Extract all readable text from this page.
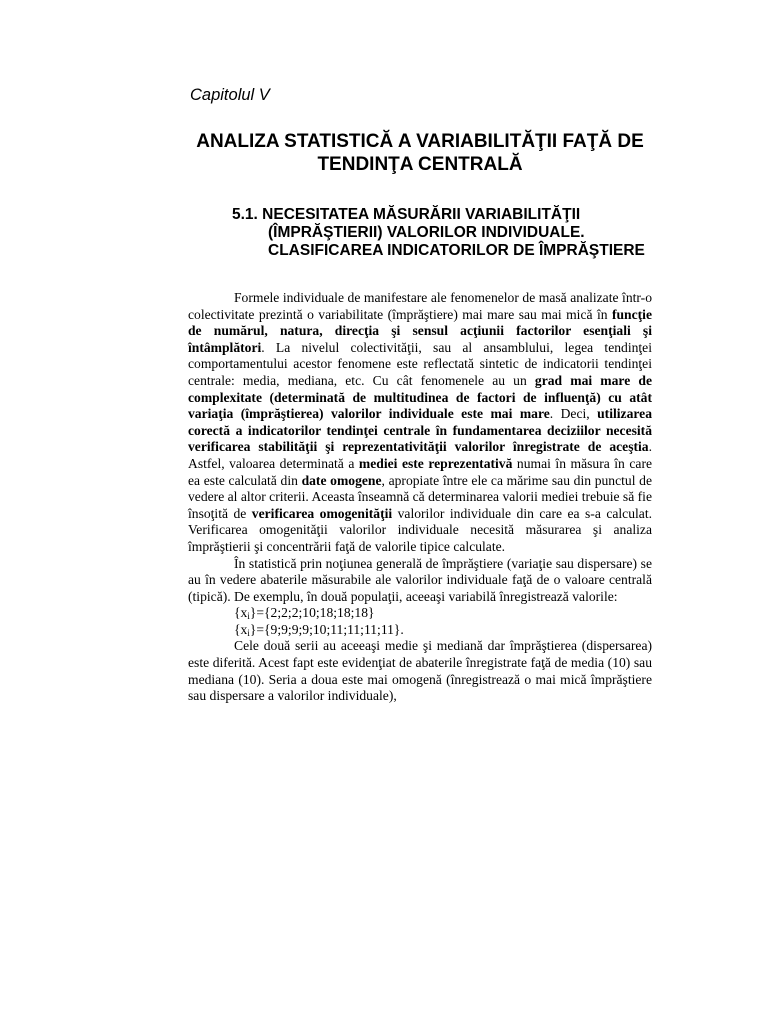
Capitolul V
ANALIZA STATISTICĂ A VARIABILITĂŢII FAŢĂ DE TENDINŢA CENTRALĂ
5.1. NECESITATEA MĂSURĂRII VARIABILITĂŢII (ÎMPRĂŞTIERII) VALORILOR INDIVIDUALE. CLASIFICAREA INDICATORILOR DE ÎMPRĂŞTIERE

Formele individuale de manifestare ale fenomenelor de masă analizate într-o colectivitate prezintă o variabilitate (împrăştiere) mai mare sau mai mică în funcţie de numărul, natura, direcţia şi sensul acţiunii factorilor esenţiali şi întâmplători. La nivelul colectivităţii, sau al ansamblului, legea tendinţei comportamentului acestor fenomene este reflectată sintetic de indicatorii tendinţei centrale: media, mediana, etc. Cu cât fenomenele au un grad mai mare de complexitate (determinată de multitudinea de factori de influenţă) cu atât variaţia (împrăştierea) valorilor individuale este mai mare. Deci, utilizarea corectă a indicatorilor tendinţei centrale în fundamentarea deciziilor necesită verificarea stabilităţii şi reprezentativităţii valorilor înregistrate de aceştia. Astfel, valoarea determinată a mediei este reprezentativă numai în măsura în care ea este calculată din date omogene, apropiate între ele ca mărime sau din punctul de vedere al altor criterii. Aceasta înseamnă că determinarea valorii mediei trebuie să fie însoţită de verificarea omogenităţii valorilor individuale din care ea s-a calculat. Verificarea omogenităţii valorilor individuale necesită măsurarea şi analiza împrăştierii şi concentrării faţă de valorile tipice calculate.

În statistică prin noţiunea generală de împrăştiere (variaţie sau dispersare) se au în vedere abaterile măsurabile ale valorilor individuale faţă de o valoare centrală (tipică). De exemplu, în două populaţii, aceeaşi variabilă înregistrează valorile:

$\{x_i\}=\{2;2;2;10;18;18;18\}$

$\{x_i\}=\{9;9;9;9;10;11;11;11;11\}$.

Cele două serii au aceeaşi medie şi mediană dar împrăştierea (dispersarea) este diferită. Acest fapt este evidenţiat de abaterile înregistrate faţă de media (10) sau mediana (10). Seria a doua este mai omogenă (înregistrează o mai mică împrăştiere sau dispersare a valorilor individuale),
